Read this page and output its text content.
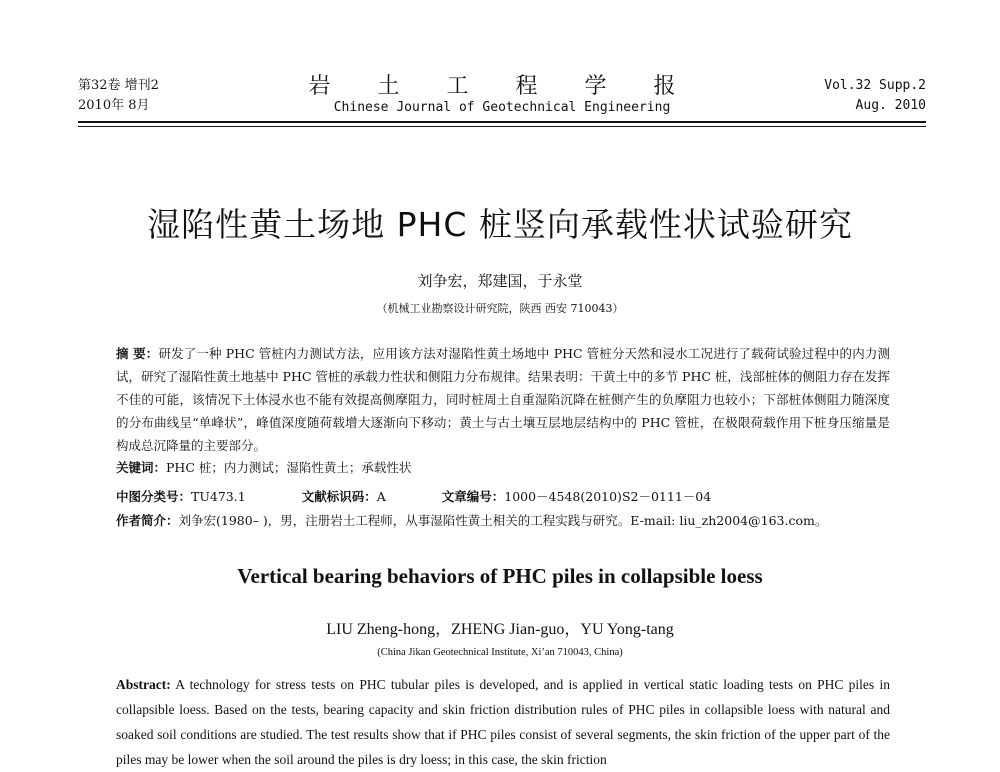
第32卷 增刊2
2010年 8月
岩 土 工 程 学 报
Chinese Journal of Geotechnical Engineering
Vol.32 Supp.2
Aug. 2010
湿陷性黄土场地 PHC 桩竖向承载性状试验研究
刘争宏，郑建国，于永堂
（机械工业勘察设计研究院，陕西 西安 710043）
摘 要：研发了一种 PHC 管桩内力测试方法，应用该方法对湿陷性黄土场地中 PHC 管桩分天然和浸水工况进行了载荷试验过程中的内力测试，研究了湿陷性黄土地基中 PHC 管桩的承载力性状和侧阻力分布规律。结果表明：干黄土中的多节 PHC 桩，浅部桩体的侧阻力存在发挥不佳的可能，该情况下土体浸水也不能有效提高侧摩阻力，同时桩周土自重湿陷沉降在桩侧产生的负摩阻力也较小；下部桩体侧阻力随深度的分布曲线呈“单峰状”，峰值深度随荷载增大逐渐向下移动；黄土与古土壤互层地层结构中的 PHC 管桩，在极限荷载作用下桩身压缩量是构成总沉降量的主要部分。
关键词：PHC 桩；内力测试；湿陷性黄土；承载性状
中图分类号：TU473.1	文献标识码：A	文章编号：1000－4548(2010)S2－0111－04
作者简介：刘争宏(1980– )，男，注册岩土工程师，从事湿陷性黄土相关的工程实践与研究。E-mail: liu_zh2004@163.com。
Vertical bearing behaviors of PHC piles in collapsible loess
LIU Zheng-hong，ZHENG Jian-guo，YU Yong-tang
(China Jikan Geotechnical Institute, Xi’an 710043, China)

Abstract: A technology for stress tests on PHC tubular piles is developed, and is applied in vertical static loading tests on PHC piles in collapsible loess. Based on the tests, bearing capacity and skin friction distribution rules of PHC piles in collapsible loess with natural and soaked soil conditions are studied. The test results show that if PHC piles consist of several segments, the skin friction of the upper part of the piles may be lower when the soil around the piles is dry loess; in this case, the skin friction
